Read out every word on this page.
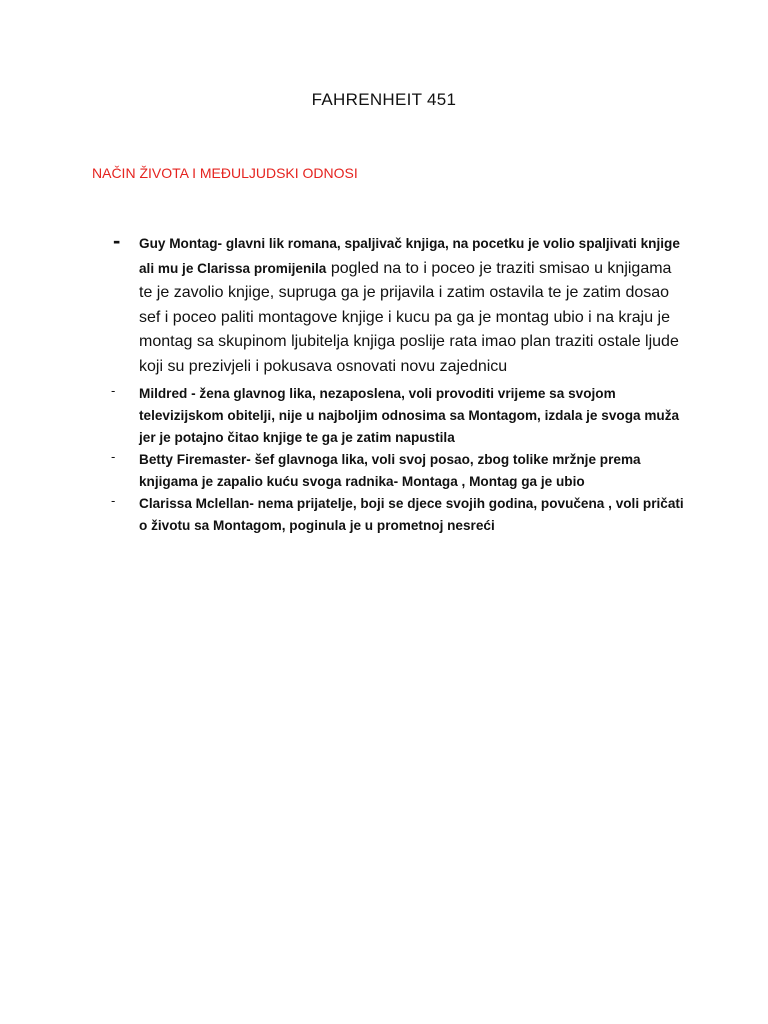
FAHRENHEIT 451
NAČIN ŽIVOTA I MEĐULJUDSKI ODNOSI
- Guy Montag- glavni lik romana, spaljivač knjiga, na pocetku je volio spaljivati knjige ali mu je Clarissa promijenila pogled na to i poceo je traziti smisao u knjigama te je zavolio knjige, supruga ga je prijavila i zatim ostavila te je zatim dosao sef i poceo paliti montagove knjige i kucu pa ga je montag ubio i na kraju je montag sa skupinom ljubitelja knjiga poslije rata imao plan traziti ostale ljude koji su prezivjeli i pokusava osnovati novu zajednicu
- Mildred - žena glavnog lika, nezaposlena, voli provoditi vrijeme sa svojom televizijskom obitelji, nije u najboljim odnosima sa Montagom, izdala je svoga muža jer je potajno čitao knjige te ga je zatim napustila
- Betty Firemaster- šef glavnoga lika, voli svoj posao, zbog tolike mržnje prema knjigama je zapalio kuću svoga radnika- Montaga , Montag ga je ubio
- Clarissa Mclellan- nema prijatelje, boji se djece svojih godina, povučena , voli pričati o životu sa Montagom, poginula je u prometnoj nesreći
